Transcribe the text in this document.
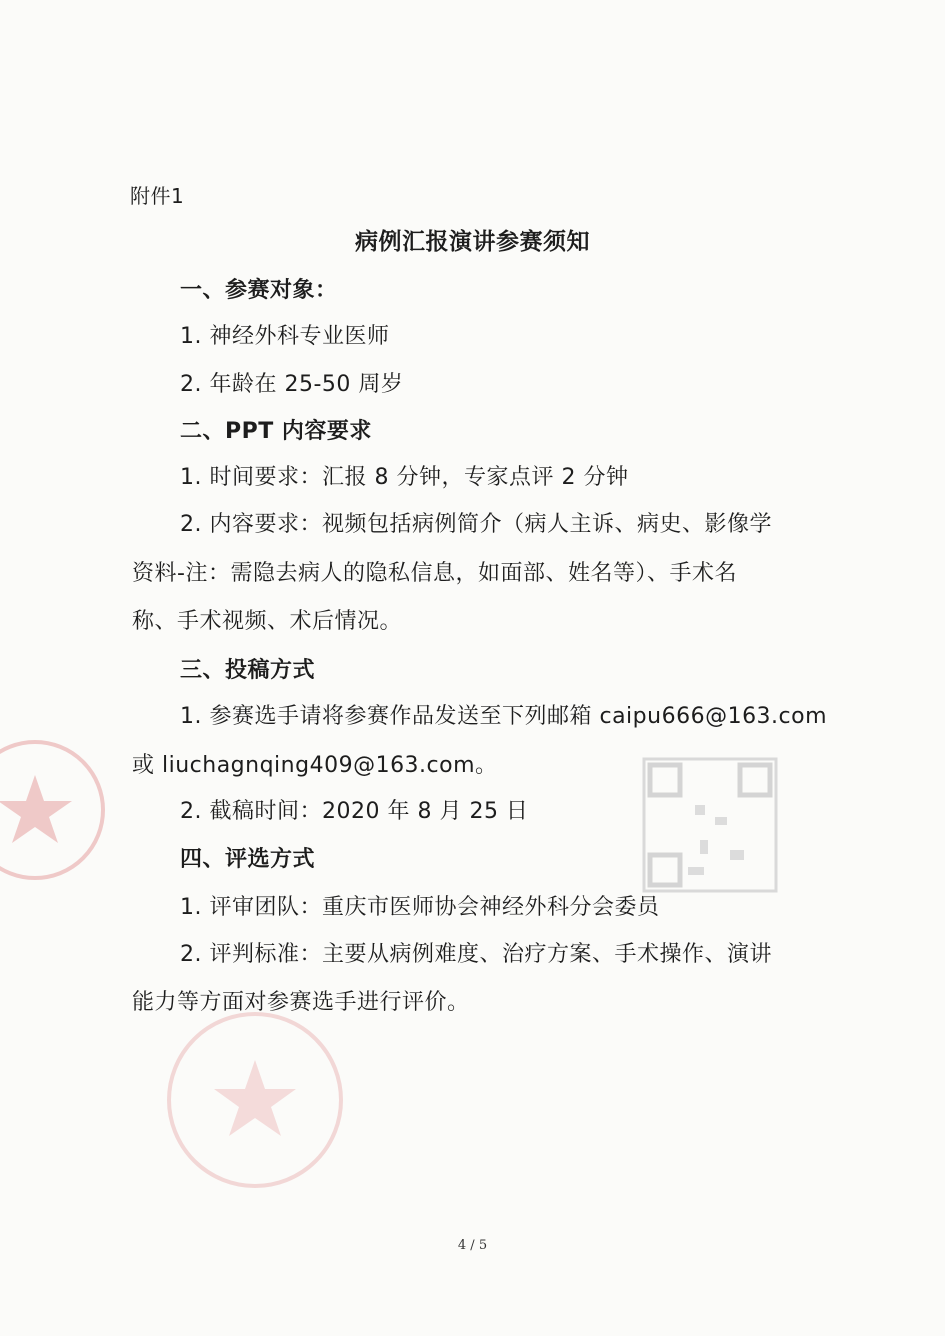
附件1
病例汇报演讲参赛须知
一、参赛对象：
1. 神经外科专业医师
2. 年龄在 25-50 周岁
二、PPT 内容要求
1. 时间要求：汇报 8 分钟，专家点评 2 分钟
2. 内容要求：视频包括病例简介（病人主诉、病史、影像学
资料-注：需隐去病人的隐私信息，如面部、姓名等）、手术名
称、手术视频、术后情况。
三、投稿方式
1. 参赛选手请将参赛作品发送至下列邮箱 caipu666@163.com
或 liuchagnqing409@163.com。
2. 截稿时间：2020 年 8 月 25 日
四、评选方式
1. 评审团队：重庆市医师协会神经外科分会委员
2. 评判标准：主要从病例难度、治疗方案、手术操作、演讲
能力等方面对参赛选手进行评价。
4 / 5
